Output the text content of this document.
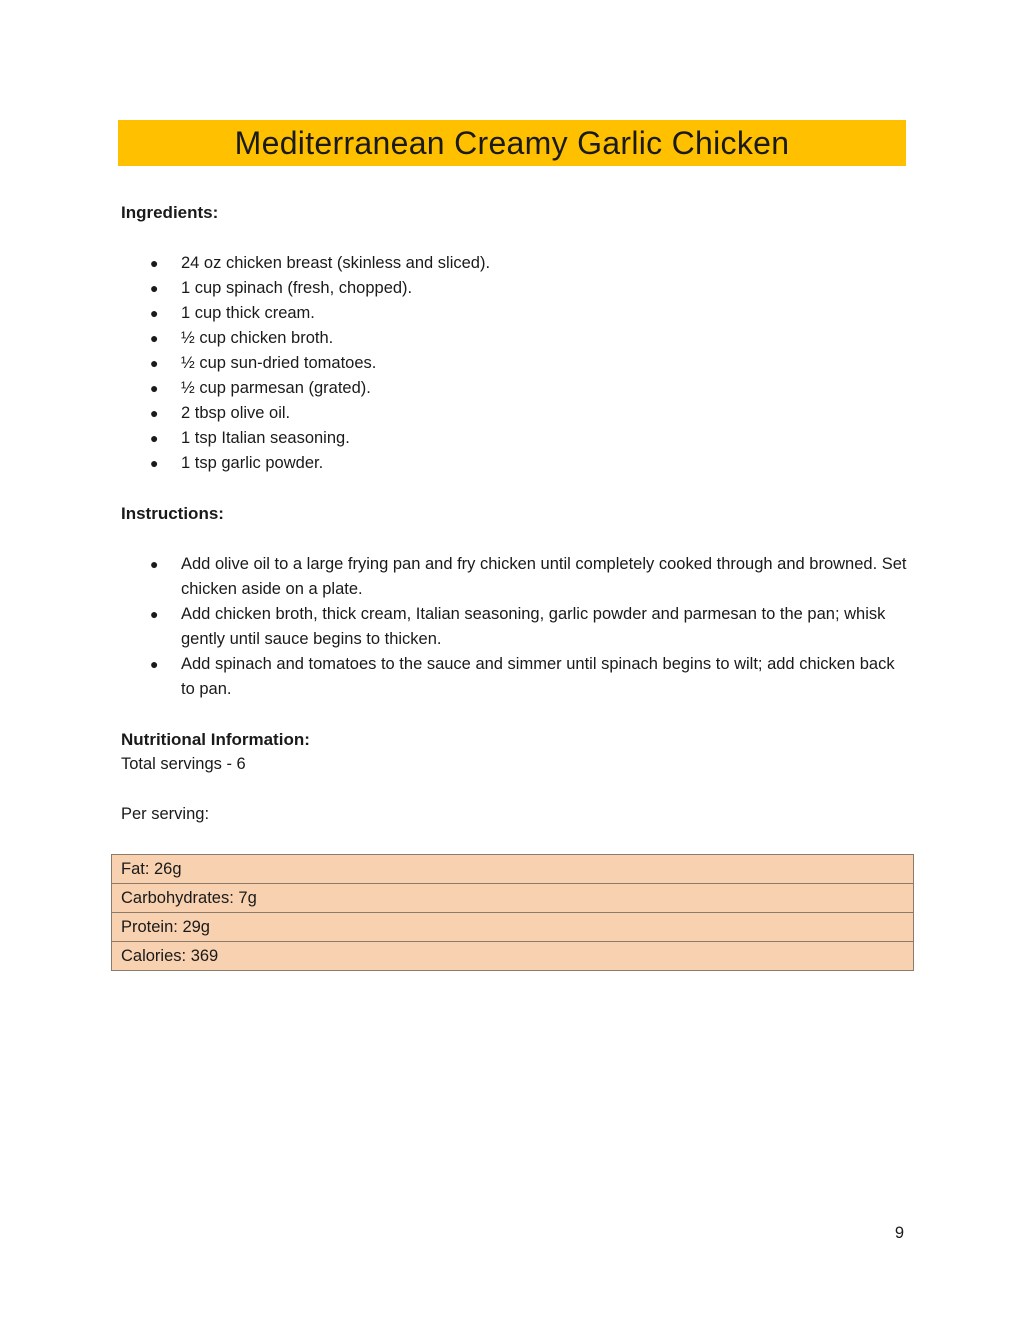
Mediterranean Creamy Garlic Chicken

Ingredients:

● 24 oz chicken breast (skinless and sliced).
● 1 cup spinach (fresh, chopped).
● 1 cup thick cream.
● ½ cup chicken broth.
● ½ cup sun-dried tomatoes.
● ½ cup parmesan (grated).
● 2 tbsp olive oil.
● 1 tsp Italian seasoning.
● 1 tsp garlic powder.

Instructions:

● Add olive oil to a large frying pan and fry chicken until completely cooked through and browned. Set chicken aside on a plate.
● Add chicken broth, thick cream, Italian seasoning, garlic powder and parmesan to the pan; whisk gently until sauce begins to thicken.
● Add spinach and tomatoes to the sauce and simmer until spinach begins to wilt; add chicken back to pan.

Nutritional Information:

Total servings - 6

Per serving:

Fat: 26g
Carbohydrates: 7g
Protein: 29g
Calories: 369
9
